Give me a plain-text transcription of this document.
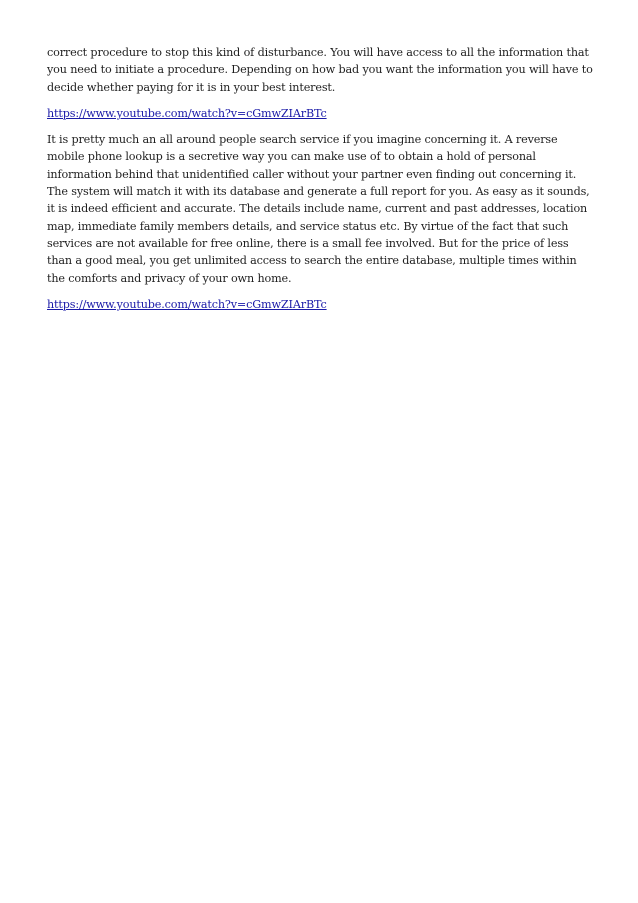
correct procedure to stop this kind of disturbance. You will have access to all the information that you need to initiate a procedure. Depending on how bad you want the information you will have to decide whether paying for it is in your best interest.

https://www.youtube.com/watch?v=cGmwZIArBTc

It is pretty much an all around people search service if you imagine concerning it. A reverse mobile phone lookup is a secretive way you can make use of to obtain a hold of personal information behind that unidentified caller without your partner even finding out concerning it. The system will match it with its database and generate a full report for you. As easy as it sounds, it is indeed efficient and accurate. The details include name, current and past addresses, location map, immediate family members details, and service status etc. By virtue of the fact that such services are not available for free online, there is a small fee involved. But for the price of less than a good meal, you get unlimited access to search the entire database, multiple times within the comforts and privacy of your own home.

https://www.youtube.com/watch?v=cGmwZIArBTc
